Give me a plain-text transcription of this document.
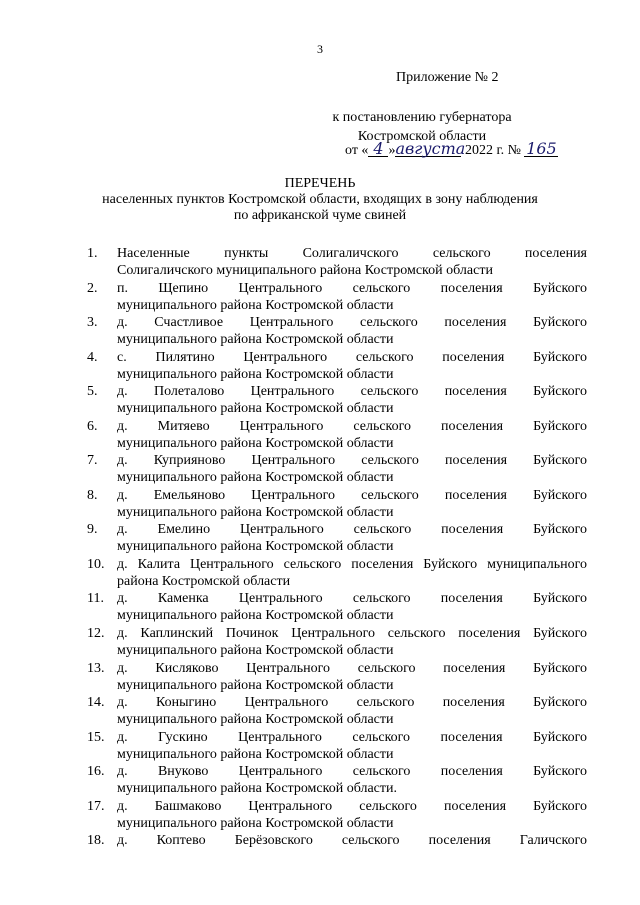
3
Приложение № 2
к постановлению губернатора
Костромской области
от « 4 »августа 2022 г. № 165
ПЕРЕЧЕНЬ
населенных пунктов Костромской области, входящих в зону наблюдения
по африканской чуме свиней
1.	Населенные пункты Солигаличского сельского поселения
Солигаличского муниципального района Костромской области
2.	п. Щепино Центрального сельского поселения Буйского
муниципального района Костромской области
3.	д. Счастливое Центрального сельского поселения Буйского
муниципального района Костромской области
4.	с. Пилятино Центрального сельского поселения Буйского
муниципального района Костромской области
5.	д. Полеталово Центрального сельского поселения Буйского
муниципального района Костромской области
6.	д. Митяево Центрального сельского поселения Буйского
муниципального района Костромской области
7.	д. Куприяново Центрального сельского поселения Буйского
муниципального района Костромской области
8.	д. Емельяново Центрального сельского поселения Буйского
муниципального района Костромской области
9.	д. Емелино Центрального сельского поселения Буйского
муниципального района Костромской области
10. д. Калита Центрального сельского поселения Буйского муниципального
района Костромской области
11. д. Каменка Центрального сельского поселения Буйского
муниципального района Костромской области
12. д. Каплинский Починок Центрального сельского поселения Буйского
муниципального района Костромской области
13. д. Кисляково Центрального сельского поселения Буйского
муниципального района Костромской области
14. д. Коныгино Центрального сельского поселения Буйского
муниципального района Костромской области
15. д. Гускино Центрального сельского поселения Буйского
муниципального района Костромской области
16. д. Внуково Центрального сельского поселения Буйского
муниципального района Костромской области.
17. д. Башмаково Центрального сельского поселения Буйского
муниципального района Костромской области
18. д. Коптево Берёзовского сельского поселения Галичского
